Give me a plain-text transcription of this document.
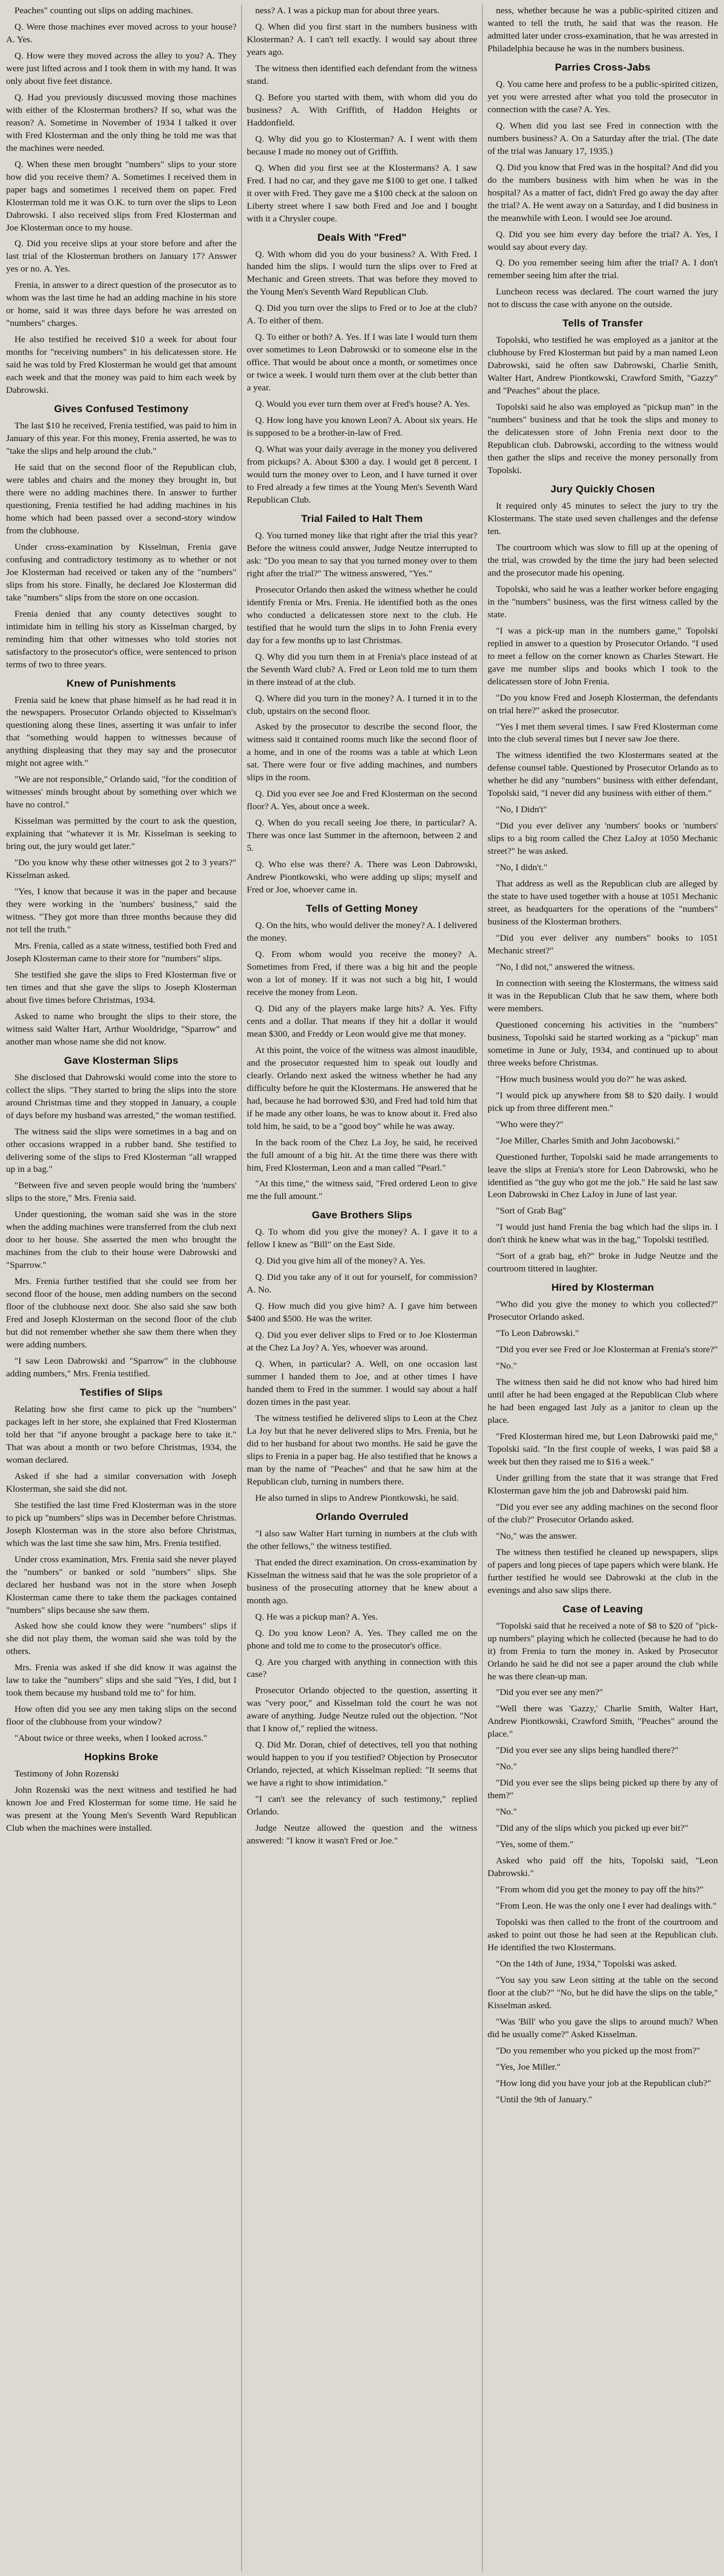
Peaches" counting out slips on adding machines.

Q. Were those machines ever moved across to your house? A. Yes.

Q. How were they moved across the alley to you? A. They were just lifted across and I took them in with my hand. It was only about five feet distance.

Q. Had you previously discussed moving those machines with either of the Klosterman brothers? If so, what was the reason? A. Sometime in November of 1934 I talked it over with Fred Klosterman and the only thing he told me was that the machines were needed.

Q. When these men brought "numbers" slips to your store how did you receive them? A. Sometimes I received them in paper bags and sometimes I received them on paper. Fred Klosterman told me it was O.K. to turn over the slips to Leon Dabrowski. I also received slips from Fred Klosterman and Joe Klosterman once to my house.

Q. Did you receive slips at your store before and after the last trial of the Klosterman brothers on January 17? Answer yes or no. A. Yes.

Frenia, in answer to a direct question of the prosecutor as to whom was the last time he had an adding machine in his store or home, said it was three days before he was arrested on "numbers" charges.

He also testified he received $10 a week for about four months for "receiving numbers" in his delicatessen store. He said he was told by Fred Klosterman he would get that amount each week and that the money was paid to him each week by Dabrowski.

Gives Confused Testimony

The last $10 he received, Frenia testified, was paid to him in January of this year. For this money, Frenia asserted, he was to "take the slips and help around the club."

He said that on the second floor of the Republican club, were tables and chairs and the money they brought in, but there were no adding machines there. In answer to further questioning, Frenia testified he had adding machines in his home which had been passed over a second-story window from the clubhouse.

Under cross-examination by Kisselman, Frenia gave confusing and contradictory testimony as to whether or not Joe Klosterman had received or taken any of the "numbers" slips from his store. Finally, he declared Joe Klosterman did take "numbers" slips from the store on one occasion.

Frenia denied that any county detectives sought to intimidate him in telling his story as Kisselman charged, by reminding him that other witnesses who told stories not satisfactory to the prosecutor's office, were sentenced to prison terms of two to three years.

Knew of Punishments

Frenia said he knew that phase himself as he had read it in the newspapers. Prosecutor Orlando objected to Kisselman's questioning along these lines, asserting it was unfair to infer that "something would happen to witnesses because of anything displeasing that they may say and the prosecutor might not agree with."

"We are not responsible," Orlando said, "for the condition of witnesses' minds brought about by something over which we have no control."

Kisselman was permitted by the court to ask the question, explaining that "whatever it is Mr. Kisselman is seeking to bring out, the jury would get later."

"Do you know why these other witnesses got 2 to 3 years?" Kisselman asked.

"Yes, I know that because it was in the paper and because they were working in the 'numbers' business," said the witness. "They got more than three months because they did not tell the truth."

Mrs. Frenia, called as a state witness, testified both Fred and Joseph Klosterman came to their store for "numbers" slips.

She testified she gave the slips to Fred Klosterman five or ten times and that she gave the slips to Joseph Klosterman about five times before Christmas, 1934.

Asked to name who brought the slips to their store, the witness said Walter Hart, Arthur Wooldridge, "Sparrow" and another man whose name she did not know.

Gave Klosterman Slips

She disclosed that Dabrowski would come into the store to collect the slips. "They started to bring the slips into the store around Christmas time and they stopped in January, a couple of days before my husband was arrested," the woman testified.

The witness said the slips were sometimes in a bag and on other occasions wrapped in a rubber band. She testified to delivering some of the slips to Fred Klosterman "all wrapped up in a bag."

"Between five and seven people would bring the 'numbers' slips to the store," Mrs. Frenia said.

Under questioning, the woman said she was in the store when the adding machines were transferred from the club next door to her house. She asserted the men who brought the machines from the club to their house were Dabrowski and "Sparrow."

Mrs. Frenia further testified that she could see from her second floor of the house, men adding numbers on the second floor of the clubhouse next door. She also said she saw both Fred and Joseph Klosterman on the second floor of the club but did not remember whether she saw them there when they were adding numbers.

"I saw Leon Dabrowski and "Sparrow" in the clubhouse adding numbers," Mrs. Frenia testified.

Testifies of Slips

Relating how she first came to pick up the "numbers" packages left in her store, she explained that Fred Klosterman told her that "if anyone brought a package here to take it." That was about a month or two before Christmas, 1934, the woman declared.

Asked if she had a similar conversation with Joseph Klosterman, she said she did not.

She testified the last time Fred Klosterman was in the store to pick up "numbers" slips was in December before Christmas. Joseph Klosterman was in the store also before Christmas, which was the last time she saw him, Mrs. Frenia testified.

Under cross examination, Mrs. Frenia said she never played the "numbers" or banked or sold "numbers" slips. She declared her husband was not in the store when Joseph Klosterman came there to take them the packages contained "numbers" slips because she saw them.

Asked how she could know they were "numbers" slips if she did not play them, the woman said she was told by the others.

Mrs. Frenia was asked if she did know it was against the law to take the "numbers" slips and she said "Yes, I did, but I took them because my husband told me to" for him.

How often did you see any men taking slips on the second floor of the clubhouse from your window?

"About twice or three weeks, when I looked across."

Hopkins Broke

Testimony of John Rozenski

John Rozenski was the next witness and testified he had known Joe and Fred Klosterman for some time. He said he was present at the Young Men's Seventh Ward Republican Club when the machines were installed.

ness? A. I was a pickup man for about three years.

Q. When did you first start in the numbers business with Klosterman? A. I can't tell exactly. I would say about three years ago.

The witness then identified each defendant from the witness stand.

Q. Before you started with them, with whom did you do business? A. With Griffith, of Haddon Heights or Haddonfield.

Q. Why did you go to Klosterman? A. I went with them because I made no money out of Griffith.

Q. When did you first see at the Klostermans? A. I saw Fred. I had no car, and they gave me $100 to get one. I talked it over with Fred. They gave me a $100 check at the saloon on Liberty street where I saw both Fred and Joe and I bought with it a Chrysler coupe.

Deals With "Fred"

Q. With whom did you do your business? A. With Fred. I handed him the slips. I would turn the slips over to Fred at Mechanic and Green streets. That was before they moved to the Young Men's Seventh Ward Republican Club.

Q. Did you turn over the slips to Fred or to Joe at the club? A. To either of them.

Q. To either or both? A. Yes. If I was late I would turn them over sometimes to Leon Dabrowski or to someone else in the office. That would be about once a month, or sometimes once or twice a week. I would turn them over at the club better than a year.

Q. Would you ever turn them over at Fred's house? A. Yes.

Q. How long have you known Leon? A. About six years. He is supposed to be a brother-in-law of Fred.

Q. What was your daily average in the money you delivered from pickups? A. About $300 a day. I would get 8 percent. I would turn the money over to Leon, and I have turned it over to Fred already a few times at the Young Men's Seventh Ward Republican Club.

Trial Failed to Halt Them

Q. You turned money like that right after the trial this year? Before the witness could answer, Judge Neutze interrupted to ask: "Do you mean to say that you turned money over to them right after the trial?" The witness answered, "Yes."

Prosecutor Orlando then asked the witness whether he could identify Frenia or Mrs. Frenia. He identified both as the ones who conducted a delicatessen store next to the club. He testified that he would turn the slips in to John Frenia every day for a few months up to last Christmas.

Q. Why did you turn them in at Frenia's place instead of at the Seventh Ward club? A. Fred or Leon told me to turn them in there instead of at the club.

Q. Where did you turn in the money? A. I turned it in to the club, upstairs on the second floor.

Asked by the prosecutor to describe the second floor, the witness said it contained rooms much like the second floor of a home, and in one of the rooms was a table at which Leon sat. There were four or five adding machines, and numbers slips in the room.

Q. Did you ever see Joe and Fred Klosterman on the second floor? A. Yes, about once a week.

Q. When do you recall seeing Joe there, in particular? A. There was once last Summer in the afternoon, between 2 and 5.

Q. Who else was there? A. There was Leon Dabrowski, Andrew Piontkowski, who were adding up slips; myself and Fred or Joe, whoever came in.

Tells of Getting Money

Q. On the hits, who would deliver the money? A. I delivered the money.

Q. From whom would you receive the money? A. Sometimes from Fred, if there was a big hit and the people won a lot of money. If it was not such a big hit, I would receive the money from Leon.

Q. Did any of the players make large hits? A. Yes. Fifty cents and a dollar. That means if they hit a dollar it would mean $300, and Freddy or Leon would give me that money.

At this point, the voice of the witness was almost inaudible, and the prosecutor requested him to speak out loudly and clearly. Orlando next asked the witness whether he had any difficulty before he quit the Klostermans. He answered that he had, because he had borrowed $30, and Fred had told him that if he made any other loans, he was to know about it. Fred also told him, he said, to be a "good boy" while he was away.

In the back room of the Chez La Joy, he said, he received the full amount of a big hit. At the time there was there with him, Fred Klosterman, Leon and a man called "Pearl."

"At this time," the witness said, "Fred ordered Leon to give me the full amount."

Gave Brothers Slips

Q. To whom did you give the money? A. I gave it to a fellow I knew as "Bill" on the East Side.

Q. Did you give him all of the money? A. Yes.

Q. Did you take any of it out for yourself, for commission? A. No.

Q. How much did you give him? A. I gave him between $400 and $500. He was the writer.

Q. Did you ever deliver slips to Fred or to Joe Klosterman at the Chez La Joy? A. Yes, whoever was around.

Q. When, in particular? A. Well, on one occasion last summer I handed them to Joe, and at other times I have handed them to Fred in the summer. I would say about a half dozen times in the past year.

The witness testified he delivered slips to Leon at the Chez La Joy but that he never delivered slips to Mrs. Frenia, but he did to her husband for about two months. He said he gave the slips to Frenia in a paper bag. He also testified that he knows a man by the name of "Peaches" and that he saw him at the Republican club, turning in numbers there.

He also turned in slips to Andrew Piontkowski, he said.

Orlando Overruled

"I also saw Walter Hart turning in numbers at the club with the other fellows," the witness testified.

That ended the direct examination. On cross-examination by Kisselman the witness said that he was the sole proprietor of a business of the prosecuting attorney that he knew about a month ago.

Q. He was a pickup man? A. Yes.

Q. Do you know Leon? A. Yes. They called me on the phone and told me to come to the prosecutor's office.

Q. Are you charged with anything in connection with this case?

Prosecutor Orlando objected to the question, asserting it was "very poor," and Kisselman told the court he was not aware of anything. Judge Neutze ruled out the objection. "Not that I know of," replied the witness.

Q. Did Mr. Doran, chief of detectives, tell you that nothing would happen to you if you testified? Objection by Prosecutor Orlando, rejected, at which Kisselman replied: "It seems that we have a right to show intimidation."

"I can't see the relevancy of such testimony," replied Orlando.

Judge Neutze allowed the question and the witness answered: "I know it wasn't Fred or Joe."

ness, whether because he was a public-spirited citizen and wanted to tell the truth, he said that was the reason. He admitted later under cross-examination, that he was arrested in Philadelphia because he was in the numbers business.

Parries Cross-Jabs

Q. You came here and profess to be a public-spirited citizen, yet you were arrested after what you told the prosecutor in connection with the case? A. Yes.

Q. When did you last see Fred in connection with the numbers business? A. On a Saturday after the trial. (The date of the trial was January 17, 1935.)

Q. Did you know that Fred was in the hospital? And did you do the numbers business with him when he was in the hospital? As a matter of fact, didn't Fred go away the day after the trial? A. He went away on a Saturday, and I did business in the meanwhile with Leon. I would see Joe around.

Q. Did you see him every day before the trial? A. Yes, I would say about every day.

Q. Do you remember seeing him after the trial? A. I don't remember seeing him after the trial.

Luncheon recess was declared. The court warned the jury not to discuss the case with anyone on the outside.

Tells of Transfer

Topolski, who testified he was employed as a janitor at the clubhouse by Fred Klosterman but paid by a man named Leon Dabrowski, said he often saw Dabrowski, Charlie Smith, Walter Hart, Andrew Piontkowski, Crawford Smith, "Gazzy" and "Peaches" about the place.

Topolski said he also was employed as "pickup man" in the "numbers" business and that he took the slips and money to the delicatessen store of John Frenia next door to the Republican club. Dabrowski, according to the witness would then gather the slips and receive the money personally from Topolski.

Jury Quickly Chosen

It required only 45 minutes to select the jury to try the Klostermans. The state used seven challenges and the defense ten.

The courtroom which was slow to fill up at the opening of the trial, was crowded by the time the jury had been selected and the prosecutor made his opening.

Topolski, who said he was a leather worker before engaging in the "numbers" business, was the first witness called by the state.

"I was a pick-up man in the numbers game," Topolski replied in answer to a question by Prosecutor Orlando. "I used to meet a fellow on the corner known as Charles Stewart. He gave me number slips and books which I took to the delicatessen store of John Frenia.

"Do you know Fred and Joseph Klosterman, the defendants on trial here?" asked the prosecutor.

"Yes I met them several times. I saw Fred Klosterman come into the club several times but I never saw Joe there.

The witness identified the two Klostermans seated at the defense counsel table. Questioned by Prosecutor Orlando as to whether he did any "numbers" business with either defendant, Topolski said, "I never did any business with either of them."

"No, I Didn't"

"Did you ever deliver any 'numbers' books or 'numbers' slips to a big room called the Chez LaJoy at 1050 Mechanic street?" he was asked.

"No, I didn't."

That address as well as the Republican club are alleged by the state to have used together with a house at 1051 Mechanic street, as headquarters for the operations of the "numbers" business of the Klosterman brothers.

"Did you ever deliver any numbers" books to 1051 Mechanic street?"

"No, I did not," answered the witness.

In connection with seeing the Klostermans, the witness said it was in the Republican Club that he saw them, where both were members.

Questioned concerning his activities in the "numbers" business, Topolski said he started working as a "pickup" man sometime in June or July, 1934, and continued up to about three weeks before Christmas.

"How much business would you do?" he was asked.

"I would pick up anywhere from $8 to $20 daily. I would pick up from three different men."

"Who were they?"

"Joe Miller, Charles Smith and John Jacobowski."

Questioned further, Topolski said he made arrangements to leave the slips at Frenia's store for Leon Dabrowski, who he identified as "the guy who got me the job." He said he last saw Leon Dabrowski in Chez LaJoy in June of last year.

"Sort of Grab Bag"

"I would just hand Frenia the bag which had the slips in. I don't think he knew what was in the bag," Topolski testified.

"Sort of a grab bag, eh?" broke in Judge Neutze and the courtroom tittered in laughter.

Hired by Klosterman

"Who did you give the money to which you collected?" Prosecutor Orlando asked.

"To Leon Dabrowski."

"Did you ever see Fred or Joe Klosterman at Frenia's store?"

"No."

The witness then said he did not know who had hired him until after he had been engaged at the Republican Club where he had been engaged last July as a janitor to clean up the place.

"Fred Klosterman hired me, but Leon Dabrowski paid me," Topolski said. "In the first couple of weeks, I was paid $8 a week but then they raised me to $16 a week."

Under grilling from the state that it was strange that Fred Klosterman gave him the job and Dabrowski paid him.

"Did you ever see any adding machines on the second floor of the club?" Prosecutor Orlando asked.

"No," was the answer.

The witness then testified he cleaned up newspapers, slips of papers and long pieces of tape papers which were blank. He further testified he would see Dabrowski at the club in the evenings and also saw slips there.

Case of Leaving

"Topolski said that he received a note of $8 to $20 of "pick-up numbers" playing which he collected (because he had to do it) from Frenia to turn the money in. Asked by Prosecutor Orlando he said he did not see a paper around the club while he was there clean-up man.

"Did you ever see any men?"

"Well there was 'Gazzy,' Charlie Smith, Walter Hart, Andrew Piontkowski, Crawford Smith, "Peaches" around the place."

"Did you ever see any slips being handled there?"

"No."

"Did you ever see the slips being picked up there by any of them?"

"No."

"Did any of the slips which you picked up ever bit?"

"Yes, some of them."

Asked who paid off the hits, Topolski said, "Leon Dabrowski."

"From whom did you get the money to pay off the hits?"

"From Leon. He was the only one I ever had dealings with."

Topolski was then called to the front of the courtroom and asked to point out those he had seen at the Republican club. He identified the two Klostermans.

"On the 14th of June, 1934," Topolski was asked.

"You say you saw Leon sitting at the table on the second floor at the club?" "No, but he did have the slips on the table," Kisselman asked.

"Was 'Bill' who you gave the slips to around much? When did he usually come?" Asked Kisselman.

"Do you remember who you picked up the most from?"

"Yes, Joe Miller."

"How long did you have your job at the Republican club?"

"Until the 9th of January."
